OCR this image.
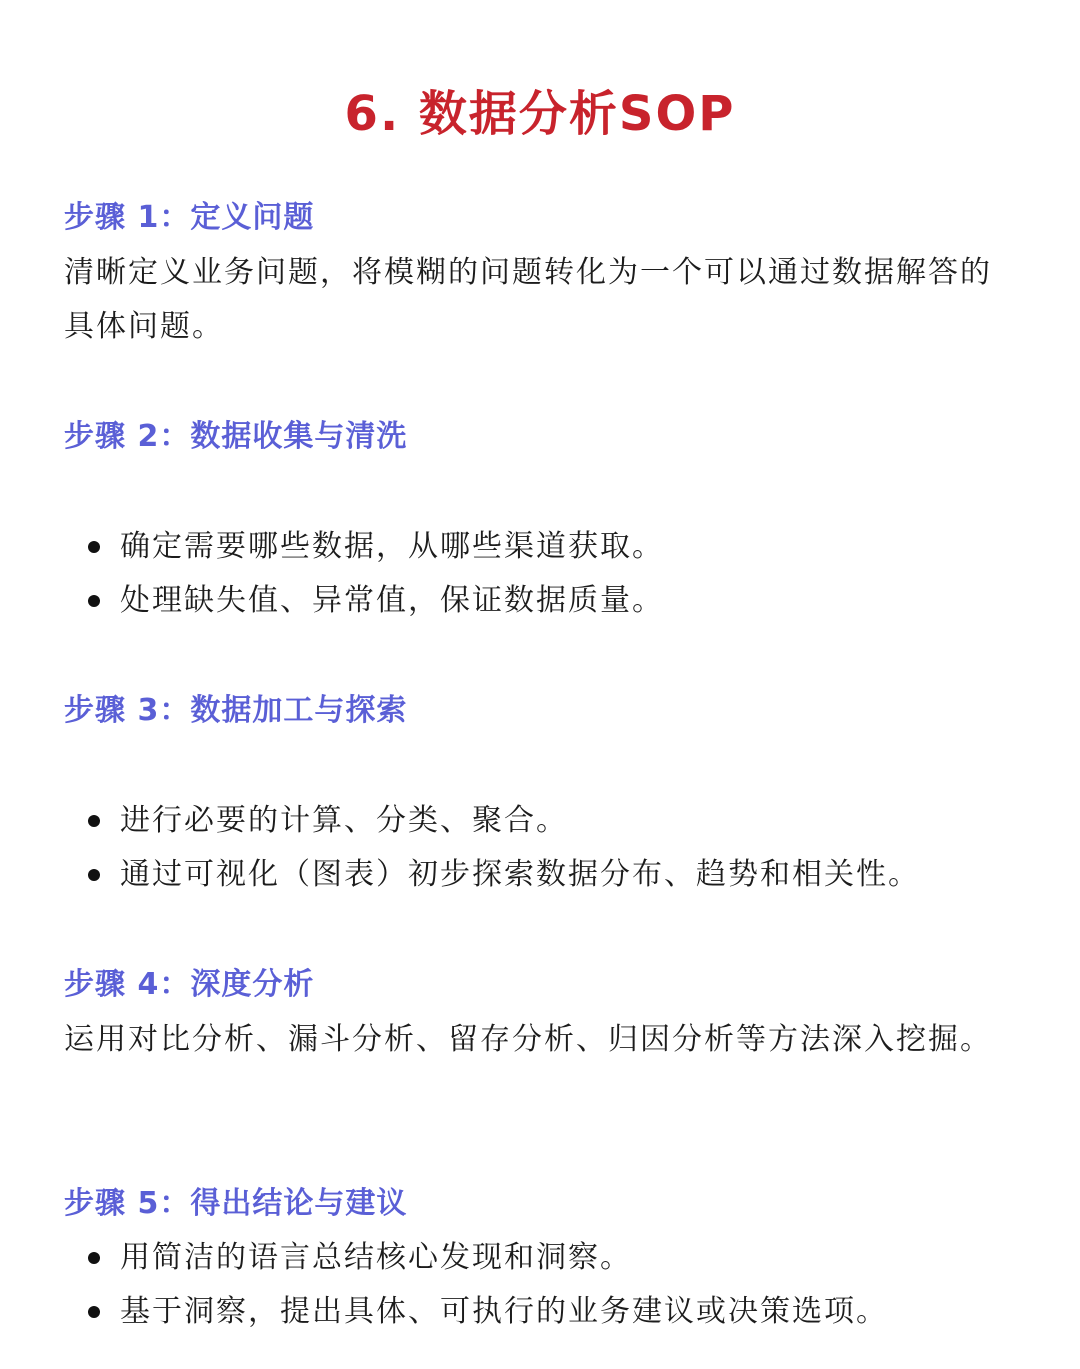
6. 数据分析SOP
步骤 1：定义问题
清晰定义业务问题，将模糊的问题转化为一个可以通过数据解答的具体问题。
步骤 2：数据收集与清洗
确定需要哪些数据，从哪些渠道获取。
处理缺失值、异常值，保证数据质量。
步骤 3：数据加工与探索
进行必要的计算、分类、聚合。
通过可视化（图表）初步探索数据分布、趋势和相关性。
步骤 4：深度分析
运用对比分析、漏斗分析、留存分析、归因分析等方法深入挖掘。
步骤 5：得出结论与建议
用简洁的语言总结核心发现和洞察。
基于洞察，提出具体、可执行的业务建议或决策选项。
